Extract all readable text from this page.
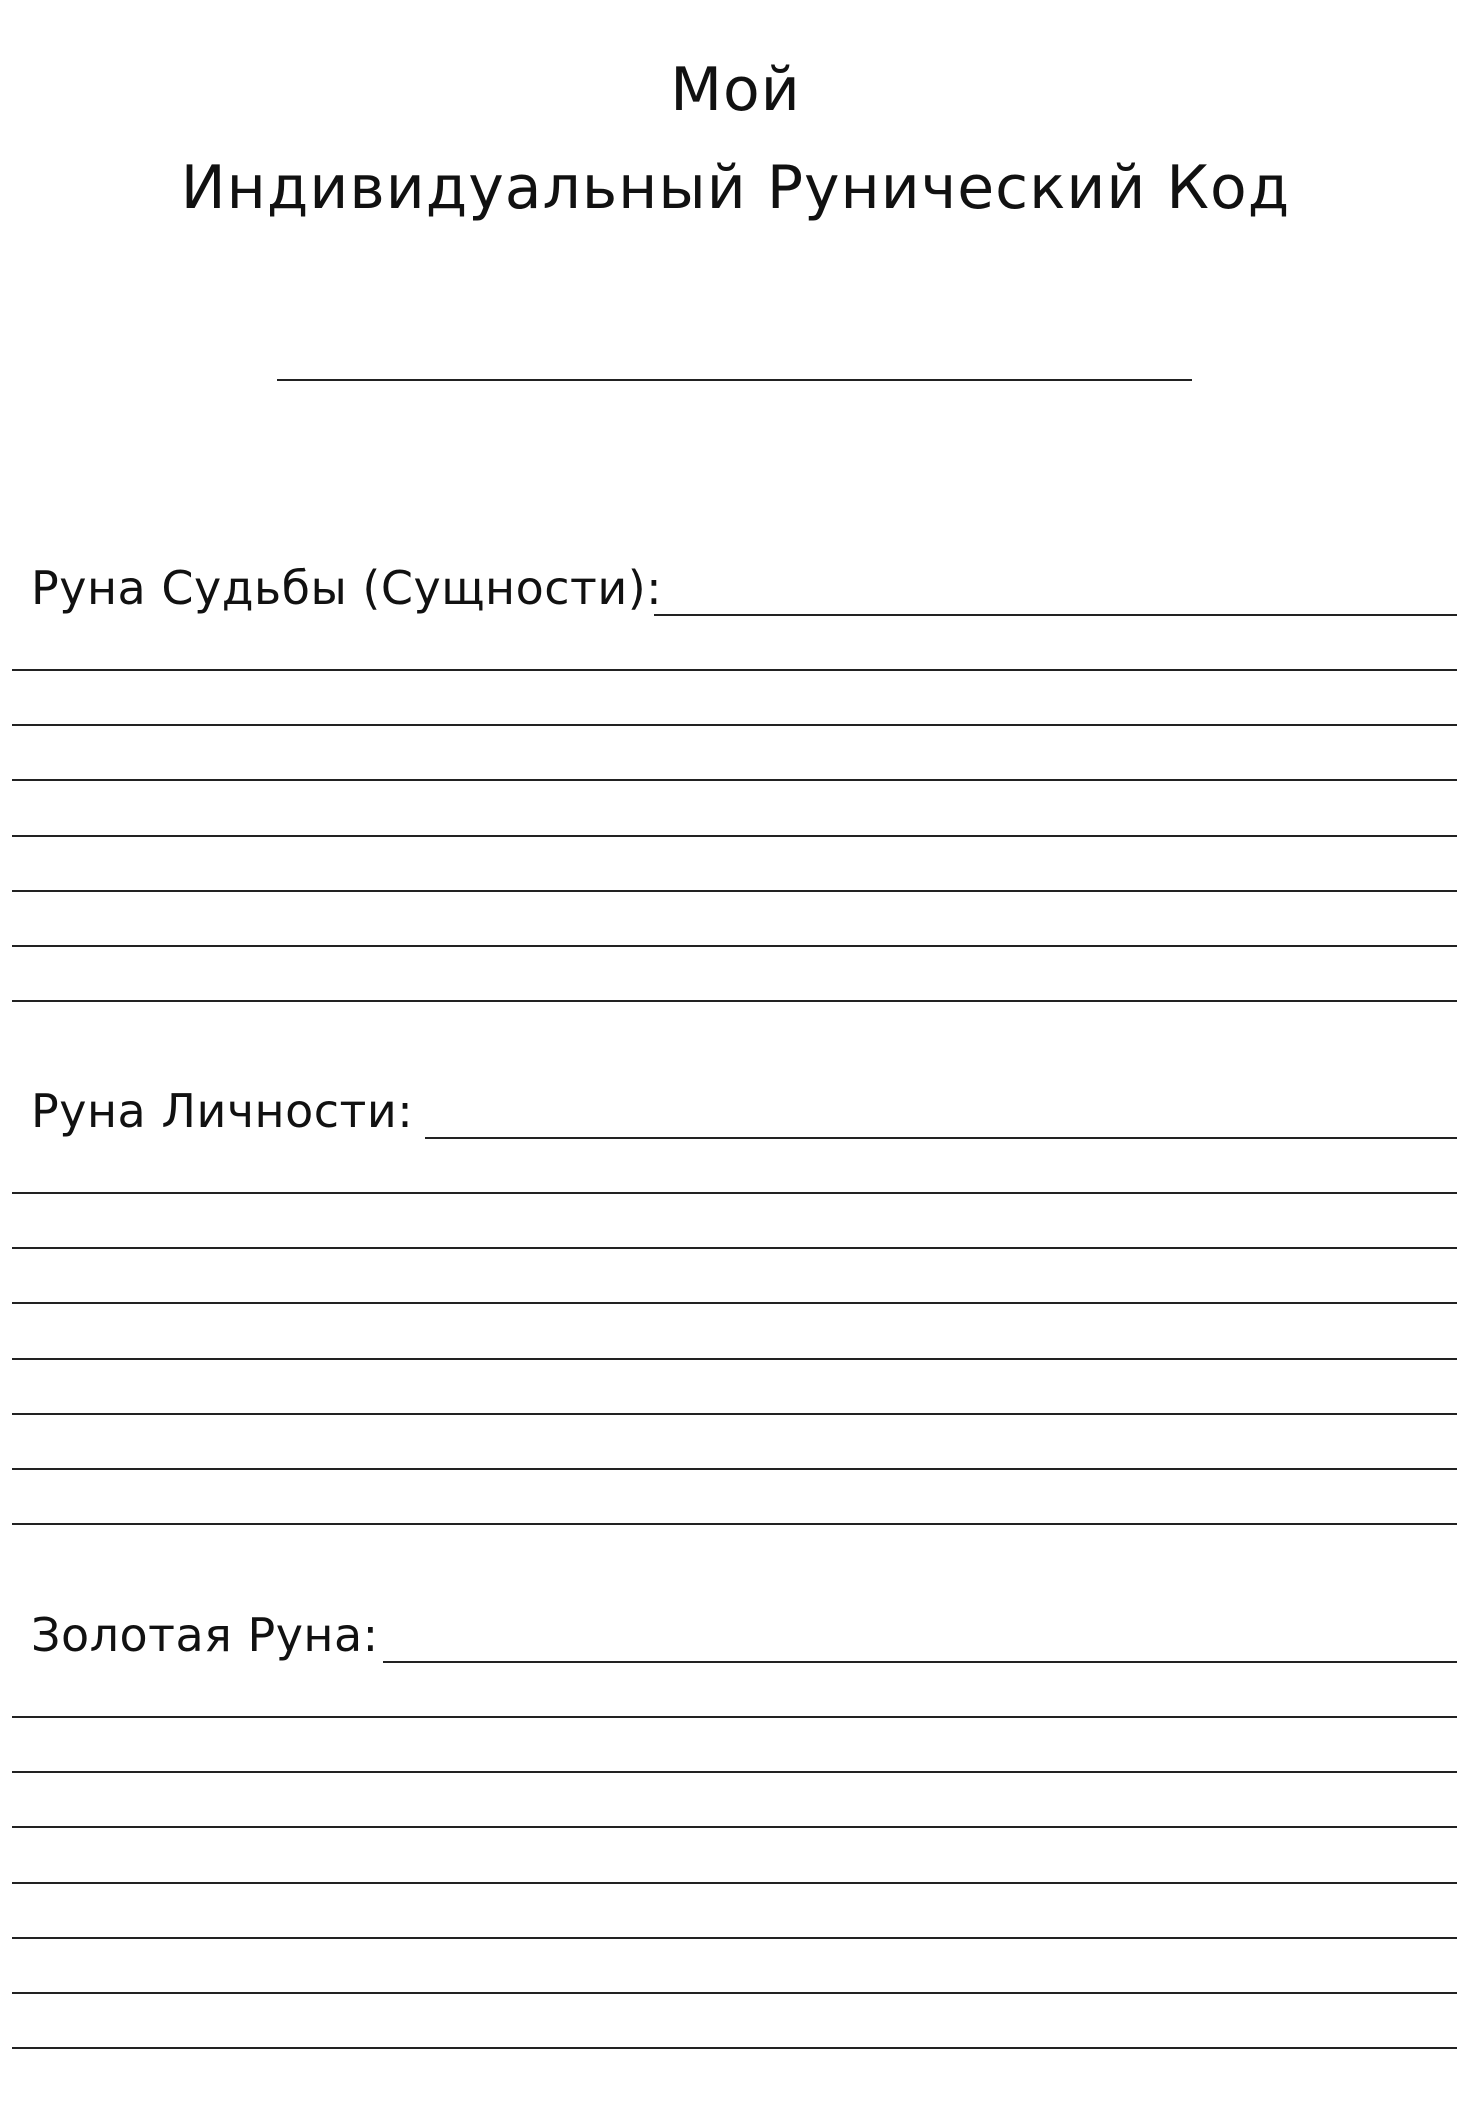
Мой
Индивидуальный Рунический Код
Руна Судьбы (Сущности):
Руна Личности:
Золотая Руна:
